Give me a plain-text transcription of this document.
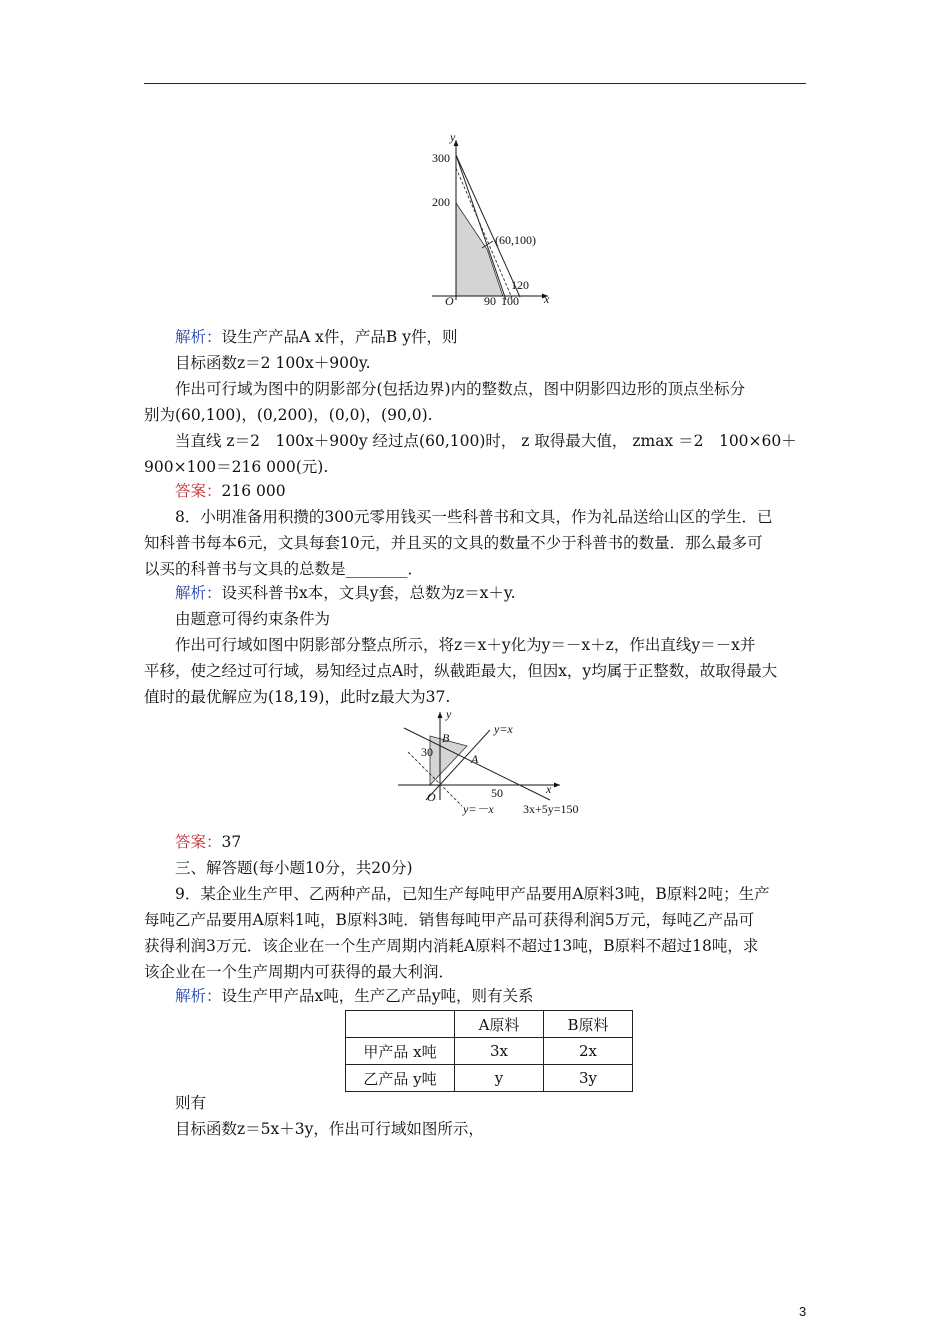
y
x
O
300
200
90 100
(60,100)
120
解析：设生产产品A x件，产品B y件，则
目标函数z＝2 100x＋900y.
作出可行域为图中的阴影部分(包括边界)内的整数点，图中阴影四边形的顶点坐标分
别为(60,100)，(0,200)，(0,0)，(90,0).
当直线 z＝2　100x＋900y 经过点(60,100)时， z 取得最大值， zmax ＝2　100×60＋
900×100＝216 000(元).
答案：216 000
8．小明准备用积攒的300元零用钱买一些科普书和文具，作为礼品送给山区的学生．已
知科普书每本6元，文具每套10元，并且买的文具的数量不少于科普书的数量．那么最多可
以买的科普书与文具的总数是________．
解析：设买科普书x本，文具y套，总数为z＝x＋y.
由题意可得约束条件为
作出可行域如图中阴影部分整点所示，将z＝x＋y化为y＝－x＋z，作出直线y＝－x并
平移，使之经过可行域，易知经过点A时，纵截距最大，但因x，y均属于正整数，故取得最大
值时的最优解应为(18,19)，此时z最大为37.
y
x
O
B
A
30
50
y=x
y=－x 3x+5y=150
答案：37
三、解答题(每小题10分，共20分)
9．某企业生产甲、乙两种产品，已知生产每吨甲产品要用A原料3吨，B原料2吨；生产
每吨乙产品要用A原料1吨，B原料3吨．销售每吨甲产品可获得利润5万元，每吨乙产品可
获得利润3万元．该企业在一个生产周期内消耗A原料不超过13吨，B原料不超过18吨，求
该企业在一个生产周期内可获得的最大利润．
解析：设生产甲产品x吨，生产乙产品y吨，则有关系
	A原料	B原料
甲产品 x吨	3x	2x
乙产品 y吨	y	3y
则有
目标函数z＝5x＋3y，作出可行域如图所示，
3
